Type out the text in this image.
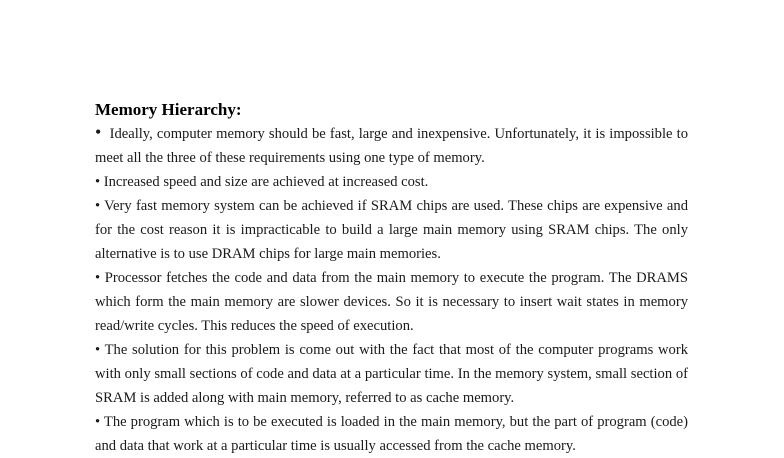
Memory Hierarchy:

• Ideally, computer memory should be fast, large and inexpensive. Unfortunately, it is impossible to meet all the three of these requirements using one type of memory.

• Increased speed and size are achieved at increased cost.

• Very fast memory system can be achieved if SRAM chips are used. These chips are expensive and for the cost reason it is impracticable to build a large main memory using SRAM chips. The only alternative is to use DRAM chips for large main memories.

• Processor fetches the code and data from the main memory to execute the program. The DRAMS which form the main memory are slower devices. So it is necessary to insert wait states in memory read/write cycles. This reduces the speed of execution.

• The solution for this problem is come out with the fact that most of the computer programs work with only small sections of code and data at a particular time. In the memory system, small section of SRAM is added along with main memory, referred to as cache memory.

• The program which is to be executed is loaded in the main memory, but the part of program (code) and data that work at a particular time is usually accessed from the cache memory.
